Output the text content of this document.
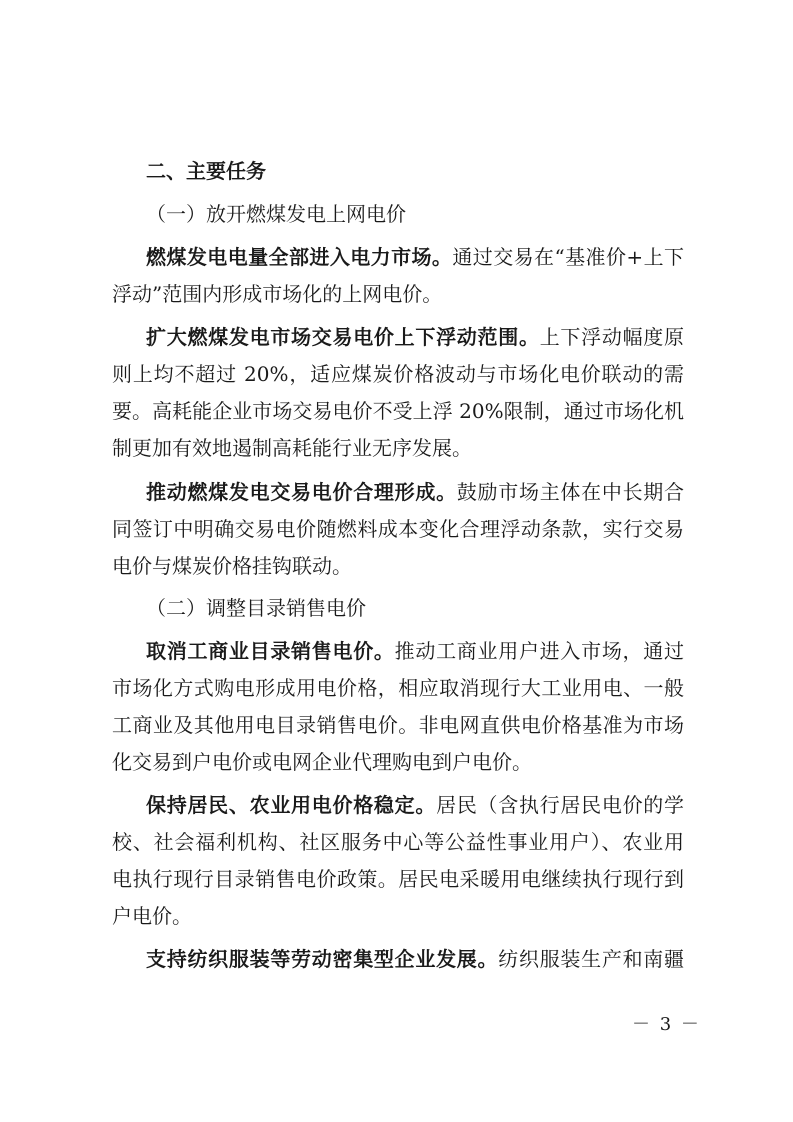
二、主要任务
（一）放开燃煤发电上网电价
燃煤发电电量全部进入电力市场。通过交易在“基准价+上下
浮动”范围内形成市场化的上网电价。
扩大燃煤发电市场交易电价上下浮动范围。上下浮动幅度原
则上均不超过 20%，适应煤炭价格波动与市场化电价联动的需
要。高耗能企业市场交易电价不受上浮 20%限制，通过市场化机
制更加有效地遏制高耗能行业无序发展。
推动燃煤发电交易电价合理形成。鼓励市场主体在中长期合
同签订中明确交易电价随燃料成本变化合理浮动条款，实行交易
电价与煤炭价格挂钩联动。
（二）调整目录销售电价
取消工商业目录销售电价。推动工商业用户进入市场，通过
市场化方式购电形成用电价格，相应取消现行大工业用电、一般
工商业及其他用电目录销售电价。非电网直供电价格基准为市场
化交易到户电价或电网企业代理购电到户电价。
保持居民、农业用电价格稳定。居民（含执行居民电价的学
校、社会福利机构、社区服务中心等公益性事业用户）、农业用
电执行现行目录销售电价政策。居民电采暖用电继续执行现行到
户电价。
支持纺织服装等劳动密集型企业发展。纺织服装生产和南疆
－ 3 －
